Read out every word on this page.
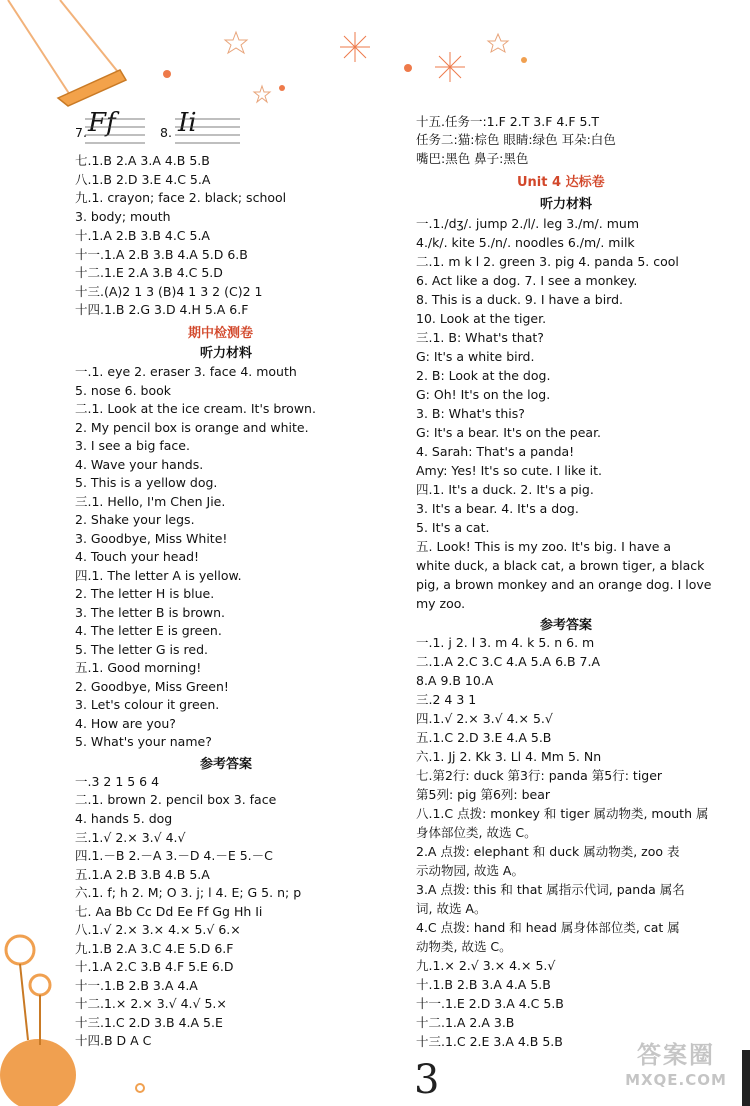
7. Ff	8. Ii
七.1.B 2.A 3.A 4.B 5.B
八.1.B 2.D 3.E 4.C 5.A
九.1. crayon; face 2. black; school
3. body; mouth
十.1.A 2.B 3.B 4.C 5.A
十一.1.A 2.B 3.B 4.A 5.D 6.B
十二.1.E 2.A 3.B 4.C 5.D
十三.(A)2 1 3 (B)4 1 3 2 (C)2 1
十四.1.B 2.G 3.D 4.H 5.A 6.F
期中检测卷
听力材料
一.1. eye 2. eraser 3. face 4. mouth
5. nose 6. book
二.1. Look at the ice cream. It's brown.
2. My pencil box is orange and white.
3. I see a big face.
4. Wave your hands.
5. This is a yellow dog.
三.1. Hello, I'm Chen Jie.
2. Shake your legs.
3. Goodbye, Miss White!
4. Touch your head!
四.1. The letter A is yellow.
2. The letter H is blue.
3. The letter B is brown.
4. The letter E is green.
5. The letter G is red.
五.1. Good morning!
2. Goodbye, Miss Green!
3. Let's colour it green.
4. How are you?
5. What's your name?
参考答案
一.3 2 1 5 6 4
二.1. brown 2. pencil box 3. face
4. hands 5. dog
三.1.√ 2.× 3.√ 4.√
四.1.－B 2.－A 3.－D 4.－E 5.－C
五.1.A 2.B 3.B 4.B 5.A
六.1. f; h 2. M; O 3. j; l 4. E; G 5. n; p
七. Aa Bb Cc Dd Ee Ff Gg Hh Ii
八.1.√ 2.× 3.× 4.× 5.√ 6.×
九.1.B 2.A 3.C 4.E 5.D 6.F
十.1.A 2.C 3.B 4.F 5.E 6.D
十一.1.B 2.B 3.A 4.A
十二.1.× 2.× 3.√ 4.√ 5.×
十三.1.C 2.D 3.B 4.A 5.E
十四.B D A C
十五.任务一:1.F 2.T 3.F 4.F 5.T
任务二:猫:棕色 眼睛:绿色 耳朵:白色
嘴巴:黑色 鼻子:黑色
Unit 4 达标卷
听力材料
一.1./dʒ/. jump 2./l/. leg 3./m/. mum
4./k/. kite 5./n/. noodles 6./m/. milk
二.1. m k l 2. green 3. pig 4. panda 5. cool
6. Act like a dog. 7. I see a monkey.
8. This is a duck. 9. I have a bird.
10. Look at the tiger.
三.1. B: What's that?
G: It's a white bird.
2. B: Look at the dog.
G: Oh! It's on the log.
3. B: What's this?
G: It's a bear. It's on the pear.
4. Sarah: That's a panda!
Amy: Yes! It's so cute. I like it.
四.1. It's a duck. 2. It's a pig.
3. It's a bear. 4. It's a dog.
5. It's a cat.
五. Look! This is my zoo. It's big. I have a
white duck, a black cat, a brown tiger, a black
pig, a brown monkey and an orange dog. I love
my zoo.
参考答案
一.1. j 2. l 3. m 4. k 5. n 6. m
二.1.A 2.C 3.C 4.A 5.A 6.B 7.A
8.A 9.B 10.A
三.2 4 3 1
四.1.√ 2.× 3.√ 4.× 5.√
五.1.C 2.D 3.E 4.A 5.B
六.1. Jj 2. Kk 3. Ll 4. Mm 5. Nn
七.第2行: duck 第3行: panda 第5行: tiger
第5列: pig 第6列: bear
八.1.C 点拨: monkey 和 tiger 属动物类, mouth 属
身体部位类, 故选 C。
2.A 点拨: elephant 和 duck 属动物类, zoo 表
示动物园, 故选 A。
3.A 点拨: this 和 that 属指示代词, panda 属名
词, 故选 A。
4.C 点拨: hand 和 head 属身体部位类, cat 属
动物类, 故选 C。
九.1.× 2.√ 3.× 4.× 5.√
十.1.B 2.B 3.A 4.A 5.B
十一.1.E 2.D 3.A 4.C 5.B
十二.1.A 2.A 3.B
十三.1.C 2.E 3.A 4.B 5.B
3
答案圈
MXQE.COM
